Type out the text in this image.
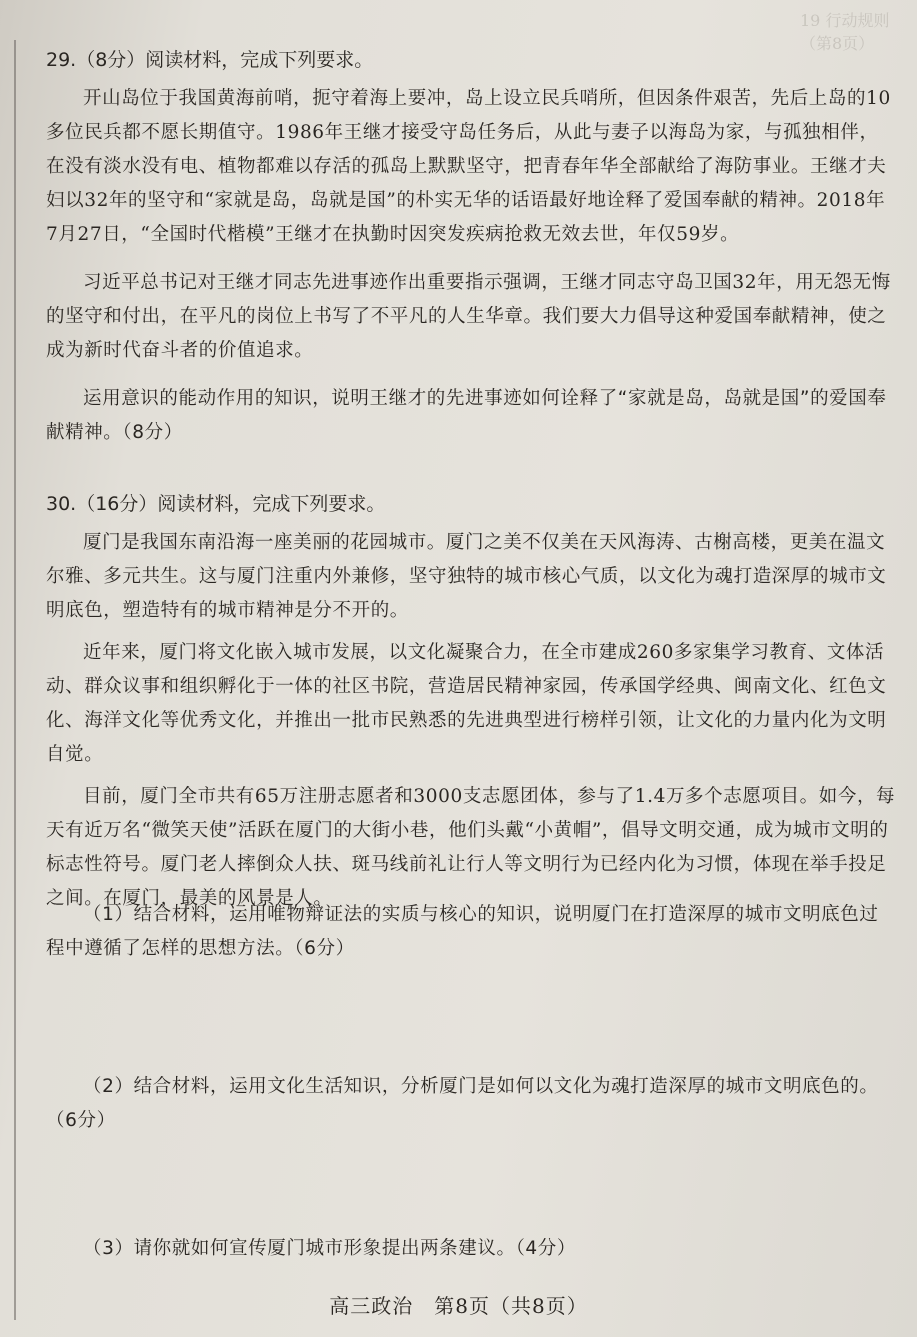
19 行动规则（第8页）
29.（8分）阅读材料，完成下列要求。

开山岛位于我国黄海前哨，扼守着海上要冲，岛上设立民兵哨所，但因条件艰苦，先后上岛的10多位民兵都不愿长期值守。1986年王继才接受守岛任务后，从此与妻子以海岛为家，与孤独相伴，在没有淡水没有电、植物都难以存活的孤岛上默默坚守，把青春年华全部献给了海防事业。王继才夫妇以32年的坚守和“家就是岛，岛就是国”的朴实无华的话语最好地诠释了爱国奉献的精神。2018年7月27日，“全国时代楷模”王继才在执勤时因突发疾病抢救无效去世，年仅59岁。

习近平总书记对王继才同志先进事迹作出重要指示强调，王继才同志守岛卫国32年，用无怨无悔的坚守和付出，在平凡的岗位上书写了不平凡的人生华章。我们要大力倡导这种爱国奉献精神，使之成为新时代奋斗者的价值追求。

运用意识的能动作用的知识，说明王继才的先进事迹如何诠释了“家就是岛，岛就是国”的爱国奉献精神。（8分）

30.（16分）阅读材料，完成下列要求。

厦门是我国东南沿海一座美丽的花园城市。厦门之美不仅美在天风海涛、古榭高楼，更美在温文尔雅、多元共生。这与厦门注重内外兼修，坚守独特的城市核心气质，以文化为魂打造深厚的城市文明底色，塑造特有的城市精神是分不开的。

近年来，厦门将文化嵌入城市发展，以文化凝聚合力，在全市建成260多家集学习教育、文体活动、群众议事和组织孵化于一体的社区书院，营造居民精神家园，传承国学经典、闽南文化、红色文化、海洋文化等优秀文化，并推出一批市民熟悉的先进典型进行榜样引领，让文化的力量内化为文明自觉。

目前，厦门全市共有65万注册志愿者和3000支志愿团体，参与了1.4万多个志愿项目。如今，每天有近万名“微笑天使”活跃在厦门的大街小巷，他们头戴“小黄帽”，倡导文明交通，成为城市文明的标志性符号。厦门老人摔倒众人扶、斑马线前礼让行人等文明行为已经内化为习惯，体现在举手投足之间。在厦门，最美的风景是人。

（1）结合材料，运用唯物辩证法的实质与核心的知识，说明厦门在打造深厚的城市文明底色过程中遵循了怎样的思想方法。（6分）

（2）结合材料，运用文化生活知识，分析厦门是如何以文化为魂打造深厚的城市文明底色的。（6分）

（3）请你就如何宣传厦门城市形象提出两条建议。（4分）

高三政治　第8页（共8页）
